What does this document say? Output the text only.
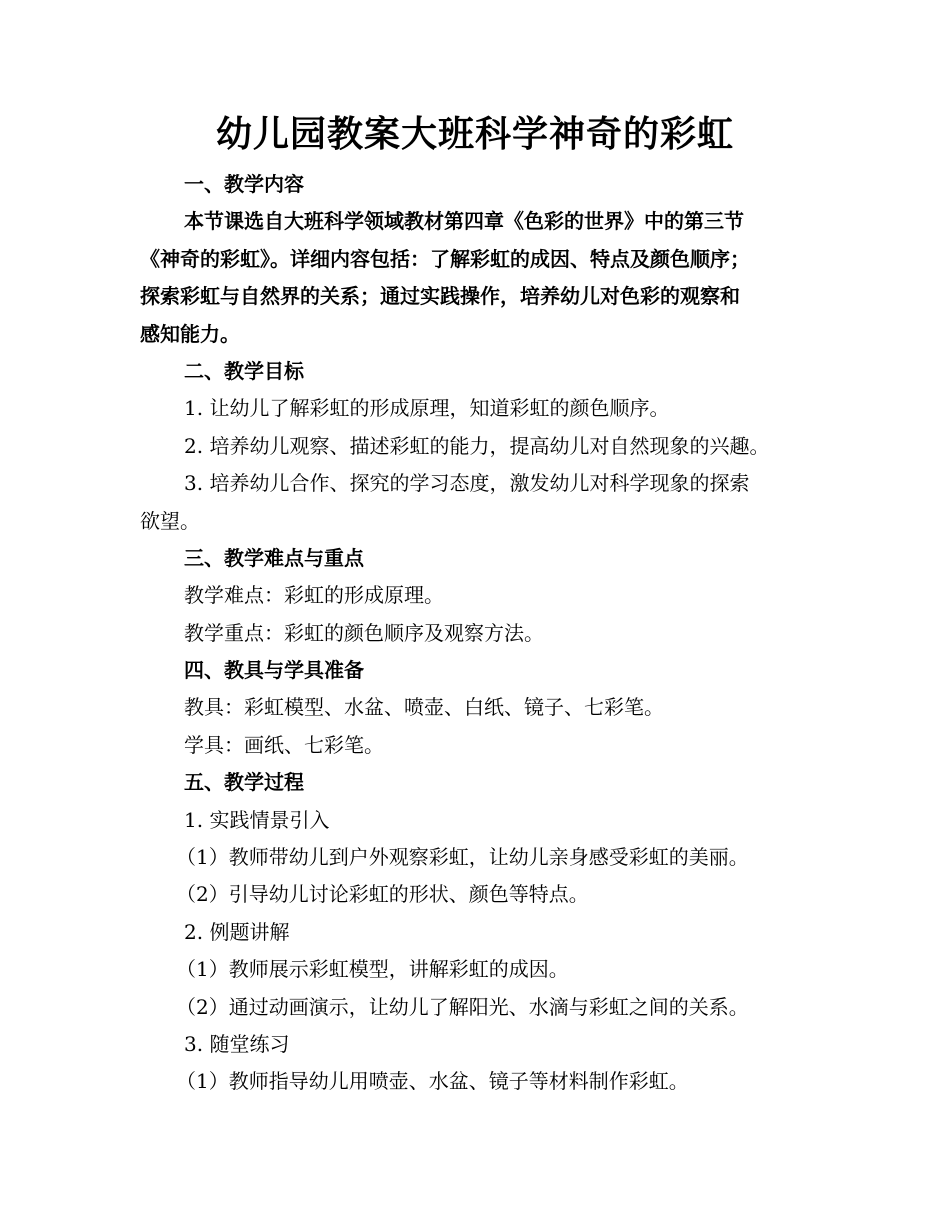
幼儿园教案大班科学神奇的彩虹
一、教学内容
本节课选自大班科学领域教材第四章《色彩的世界》中的第三节
《神奇的彩虹》。详细内容包括：了解彩虹的成因、特点及颜色顺序；
探索彩虹与自然界的关系；通过实践操作，培养幼儿对色彩的观察和
感知能力。
二、教学目标
1. 让幼儿了解彩虹的形成原理，知道彩虹的颜色顺序。
2. 培养幼儿观察、描述彩虹的能力，提高幼儿对自然现象的兴趣。
3. 培养幼儿合作、探究的学习态度，激发幼儿对科学现象的探索
欲望。
三、教学难点与重点
教学难点：彩虹的形成原理。
教学重点：彩虹的颜色顺序及观察方法。
四、教具与学具准备
教具：彩虹模型、水盆、喷壶、白纸、镜子、七彩笔。
学具：画纸、七彩笔。
五、教学过程
1. 实践情景引入
（1）教师带幼儿到户外观察彩虹，让幼儿亲身感受彩虹的美丽。
（2）引导幼儿讨论彩虹的形状、颜色等特点。
2. 例题讲解
（1）教师展示彩虹模型，讲解彩虹的成因。
（2）通过动画演示，让幼儿了解阳光、水滴与彩虹之间的关系。
3. 随堂练习
（1）教师指导幼儿用喷壶、水盆、镜子等材料制作彩虹。
